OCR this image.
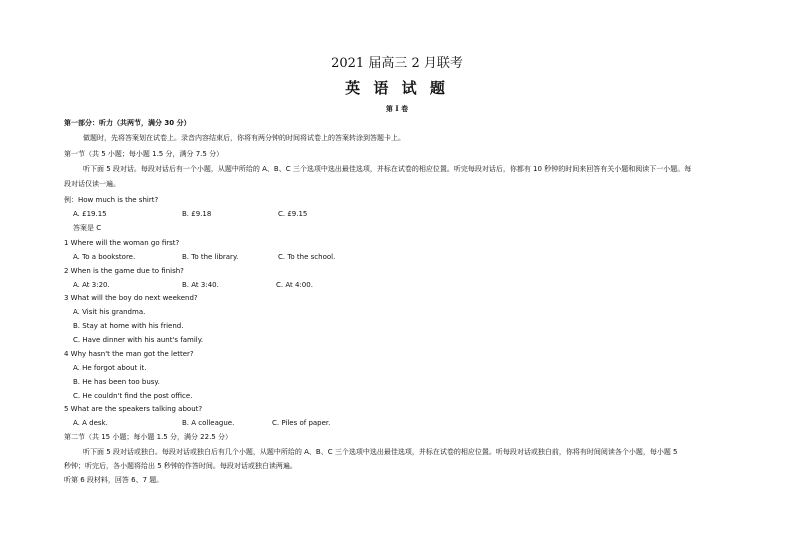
2021 届高三 2 月联考
英 语 试 题
第 I 卷
第一部分：听力（共两节，满分 30 分）
做题时，先将答案划在试卷上。录音内容结束后，你将有两分钟的时间将试卷上的答案转涂到答题卡上。
第一节（共 5 小题；每小题 1.5 分，满分 7.5 分）
听下面 5 段对话。每段对话后有一个小题，从题中所给的 A、B、C 三个选项中选出最佳选项，并标在试卷的相应位置。听完每段对话后，你都有 10 秒钟的时间来回答有关小题和阅读下一小题。每
段对话仅读一遍。
例：How much is the shirt?
A. £19.15	B. £9.18	C. £9.15
答案是 C
1 Where will the woman go first?
A. To a bookstore.	B. To the library.	C. To the school.
2 When is the game due to finish?
A. At 3:20.	B. At 3:40.	C. At 4:00.
3 What will the boy do next weekend?
A. Visit his grandma.
B. Stay at home with his friend.
C. Have dinner with his aunt's family.
4 Why hasn't the man got the letter?
A. He forgot about it.
B. He has been too busy.
C. He couldn't find the post office.
5 What are the speakers talking about?
A. A desk.	B. A colleague.	C. Piles of paper.
第二节（共 15 小题；每小题 1.5 分，满分 22.5 分）
听下面 5 段对话或独白。每段对话或独白后有几个小题，从题中所给的 A、B、C 三个选项中选出最佳选项，并标在试卷的相应位置。听每段对话或独白前，你将有时间阅读各个小题，每小题 5
秒钟；听完后，各小题将给出 5 秒钟的作答时间。每段对话或独白读两遍。
听第 6 段材料，回答 6、7 题。
